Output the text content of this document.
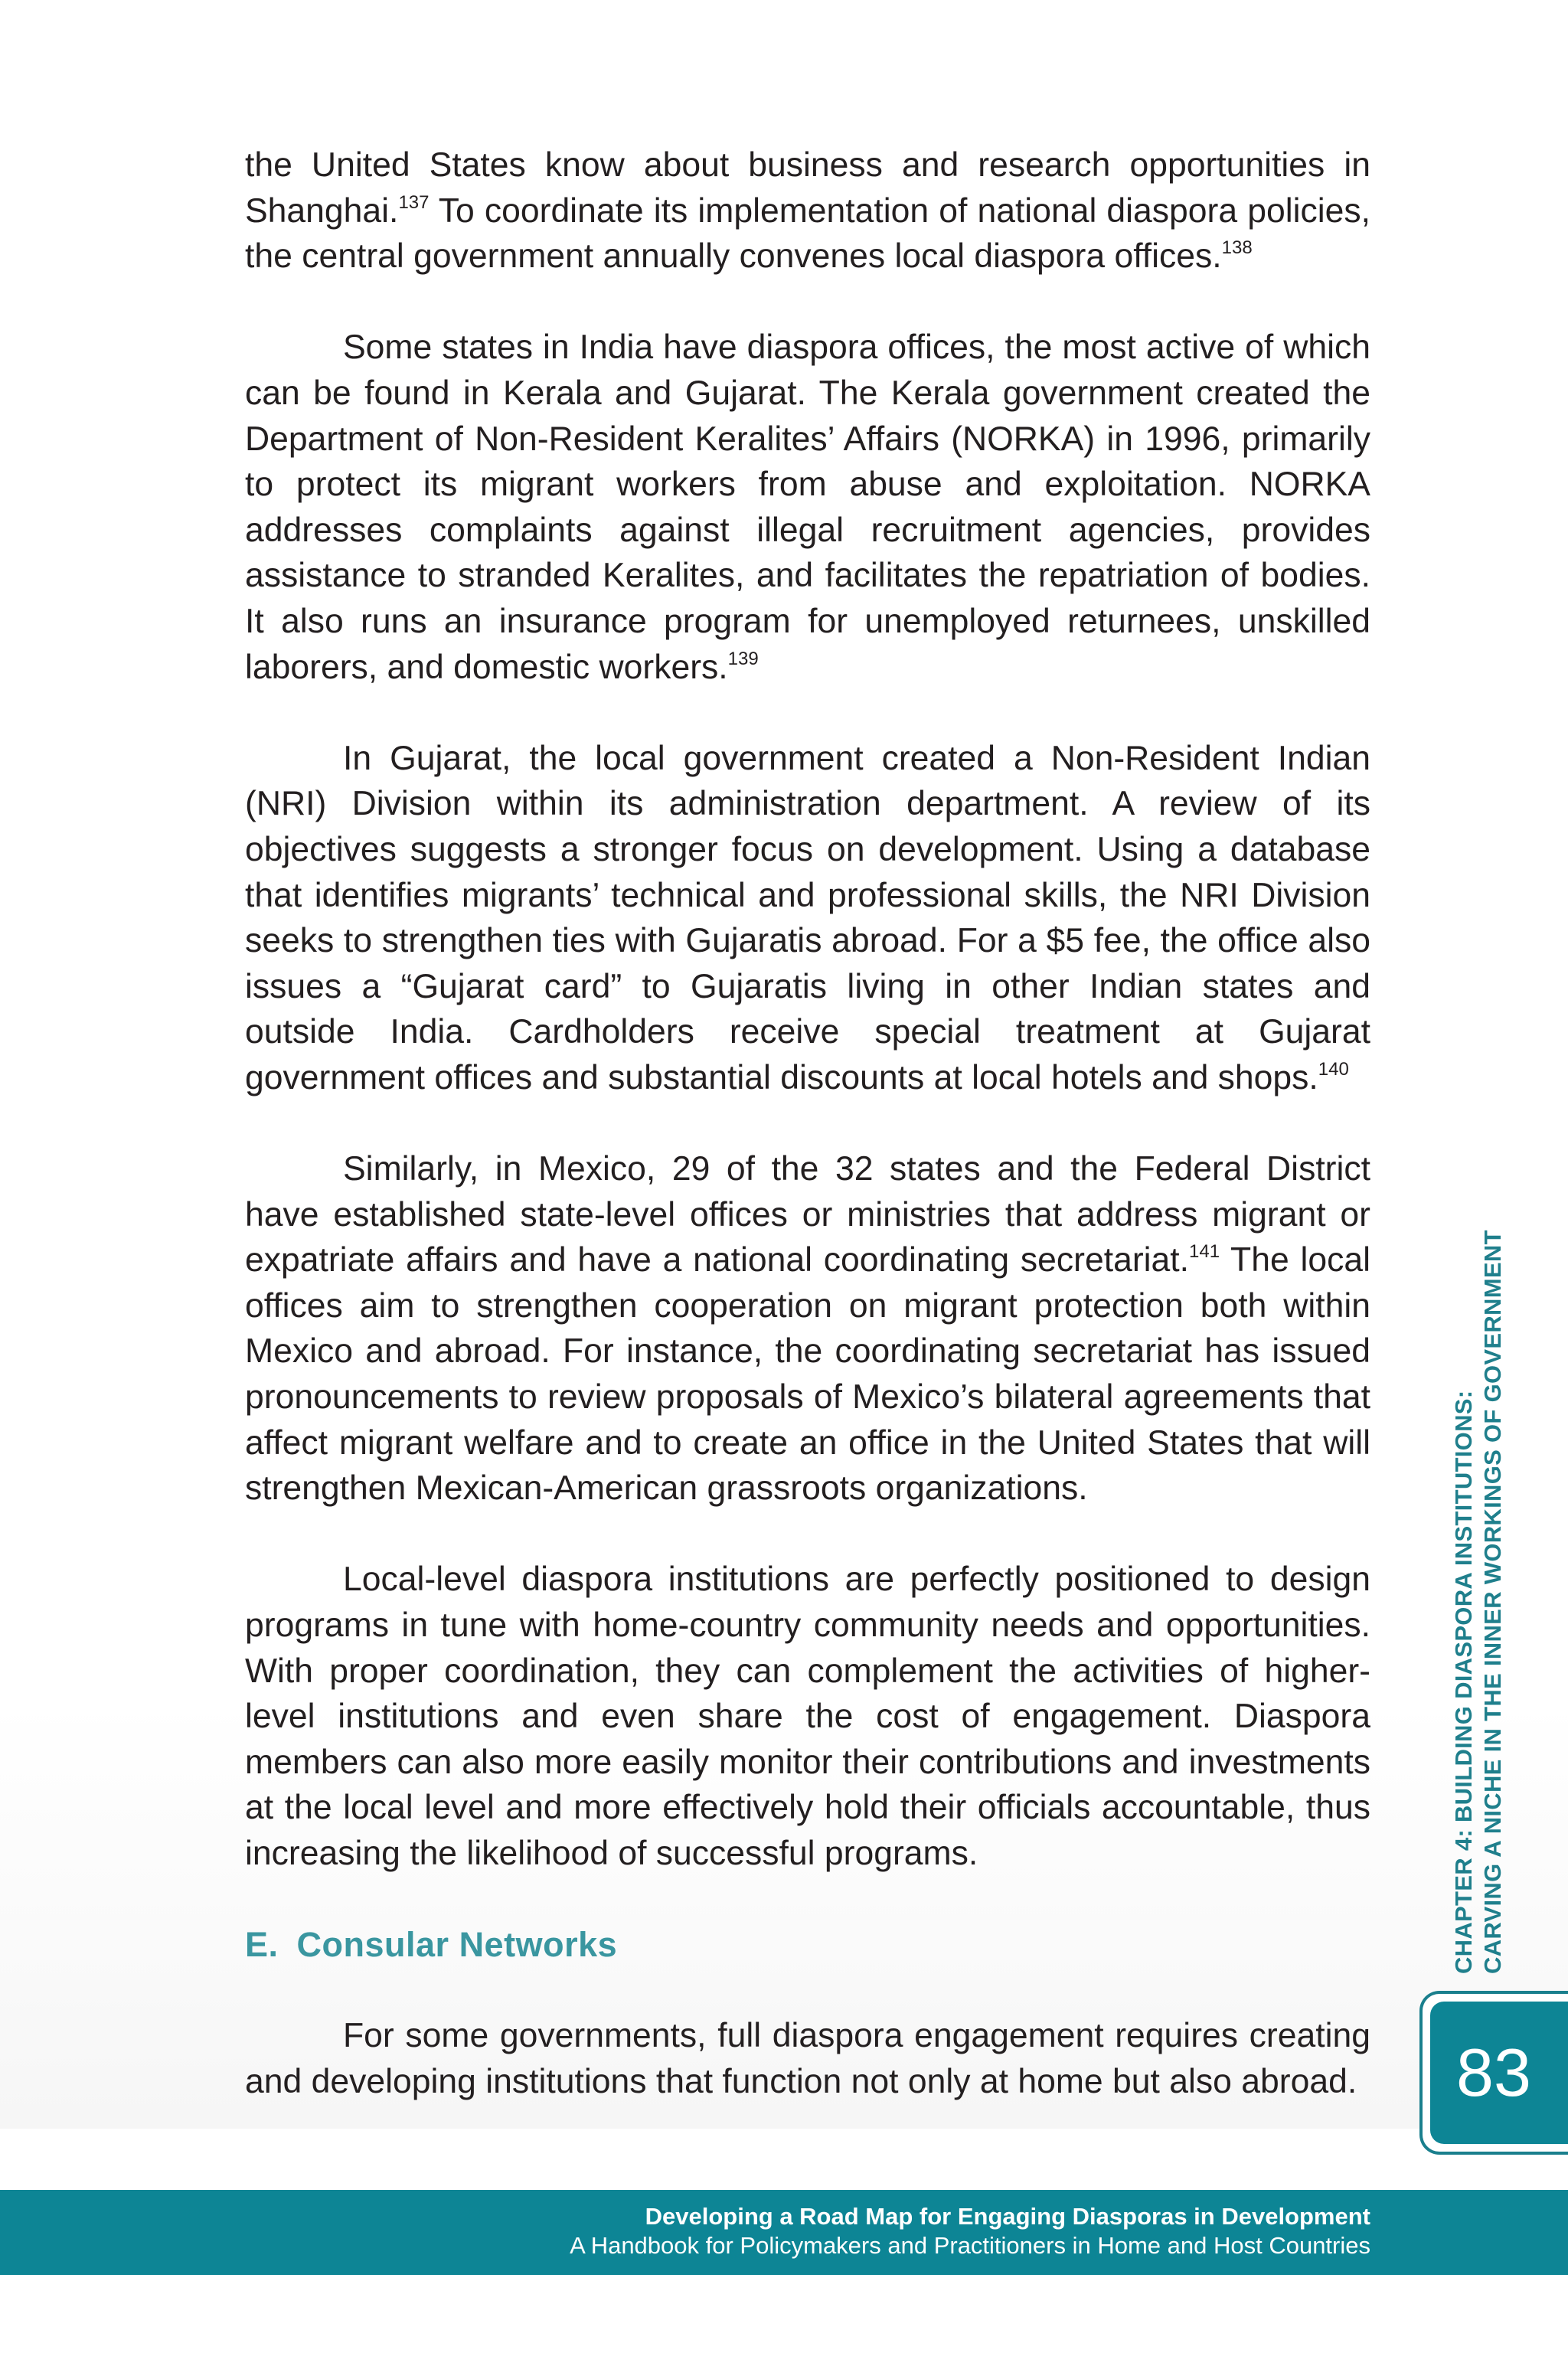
the United States know about business and research opportunities in Shanghai.$^{137}$ To coordinate its implementation of national diaspora policies, the central government annually convenes local diaspora offices.$^{138}$

Some states in India have diaspora offices, the most active of which can be found in Kerala and Gujarat. The Kerala government created the Department of Non-Resident Keralites’ Affairs (NORKA) in 1996, primarily to protect its migrant workers from abuse and exploitation. NORKA addresses complaints against illegal recruitment agencies, provides assistance to stranded Keralites, and facilitates the repatriation of bodies. It also runs an insurance program for unemployed returnees, unskilled laborers, and domestic workers.$^{139}$

In Gujarat, the local government created a Non-Resident Indian (NRI) Division within its administration department. A review of its objectives suggests a stronger focus on development. Using a database that identifies migrants’ technical and professional skills, the NRI Division seeks to strengthen ties with Gujaratis abroad. For a $5 fee, the office also issues a “Gujarat card” to Gujaratis living in other Indian states and outside India. Cardholders receive special treatment at Gujarat government offices and substantial discounts at local hotels and shops.$^{140}$

Similarly, in Mexico, 29 of the 32 states and the Federal District have established state-level offices or ministries that address migrant or expatriate affairs and have a national coordinating secretariat.$^{141}$ The local offices aim to strengthen cooperation on migrant protection both within Mexico and abroad. For instance, the coordinating secretariat has issued pronouncements to review proposals of Mexico’s bilateral agreements that affect migrant welfare and to create an office in the United States that will strengthen Mexican-American grassroots organizations.

Local-level diaspora institutions are perfectly positioned to design programs in tune with home-country community needs and opportunities. With proper coordination, they can complement the activities of higher-level institutions and even share the cost of engagement. Diaspora members can also more easily monitor their contributions and investments at the local level and more effectively hold their officials accountable, thus increasing the likelihood of successful programs.

E. Consular Networks

For some governments, full diaspora engagement requires creating and developing institutions that function not only at home but also abroad.

CHAPTER 4: BUILDING DIASPORA INSTITUTIONS: CARVING A NICHE IN THE INNER WORKINGS OF GOVERNMENT
83
Developing a Road Map for Engaging Diasporas in Development
A Handbook for Policymakers and Practitioners in Home and Host Countries
